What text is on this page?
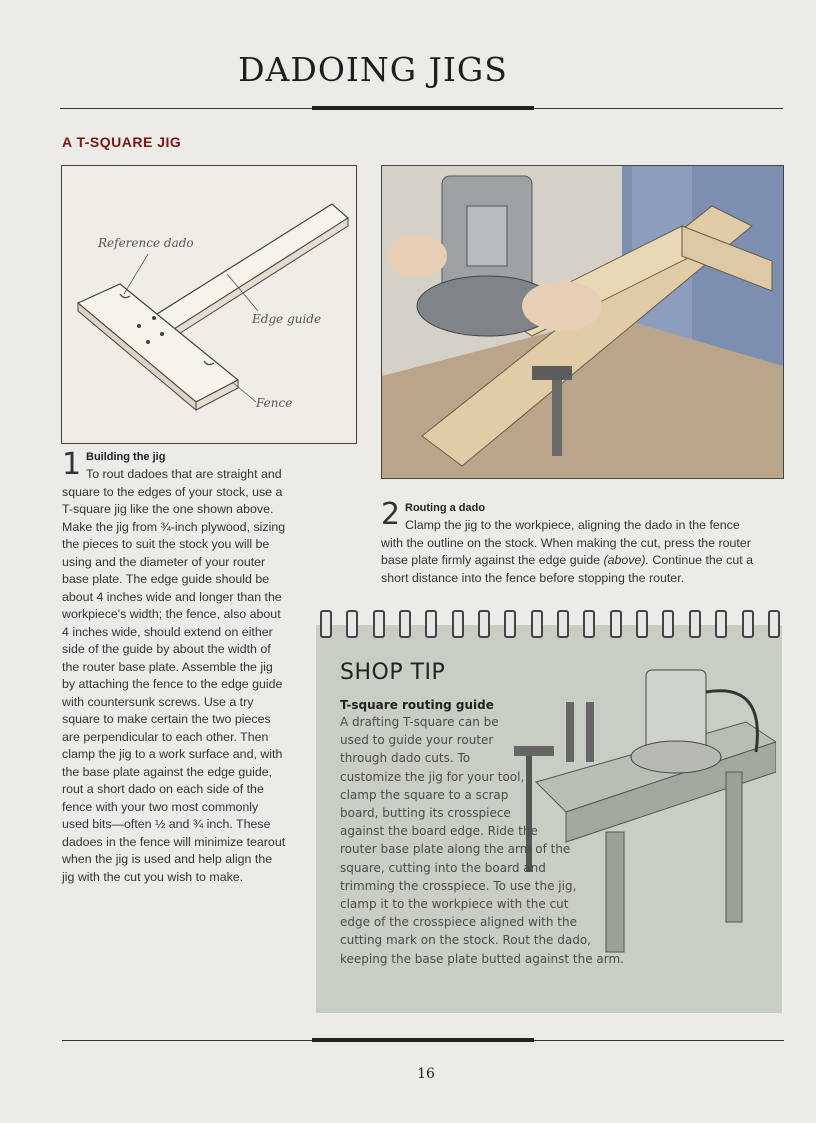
DADOING JIGS
A T-SQUARE JIG
Reference dado
Edge guide
Fence
1 Building the jig
To rout dadoes that are straight and square to the edges of your stock, use a T-square jig like the one shown above. Make the jig from ¾-inch plywood, sizing the pieces to suit the stock you will be using and the diameter of your router base plate. The edge guide should be about 4 inches wide and longer than the workpiece's width; the fence, also about 4 inches wide, should extend on either side of the guide by about the width of the router base plate. Assemble the jig by attaching the fence to the edge guide with countersunk screws. Use a try square to make certain the two pieces are perpendicular to each other. Then clamp the jig to a work surface and, with the base plate against the edge guide, rout a short dado on each side of the fence with your two most commonly used bits—often ½ and ¾ inch. These dadoes in the fence will minimize tearout when the jig is used and help align the jig with the cut you wish to make.
2 Routing a dado
Clamp the jig to the workpiece, aligning the dado in the fence with the outline on the stock. When making the cut, press the router base plate firmly against the edge guide (above). Continue the cut a short distance into the fence before stopping the router.
SHOP TIP
T-square routing guide
A drafting T-square can be used to guide your router through dado cuts. To customize the jig for your tool, clamp the square to a scrap board, butting its crosspiece against the board edge. Ride the router base plate along the arm of the square, cutting into the board and trimming the crosspiece. To use the jig, clamp it to the workpiece with the cut edge of the crosspiece aligned with the cutting mark on the stock. Rout the dado, keeping the base plate butted against the arm.
16
